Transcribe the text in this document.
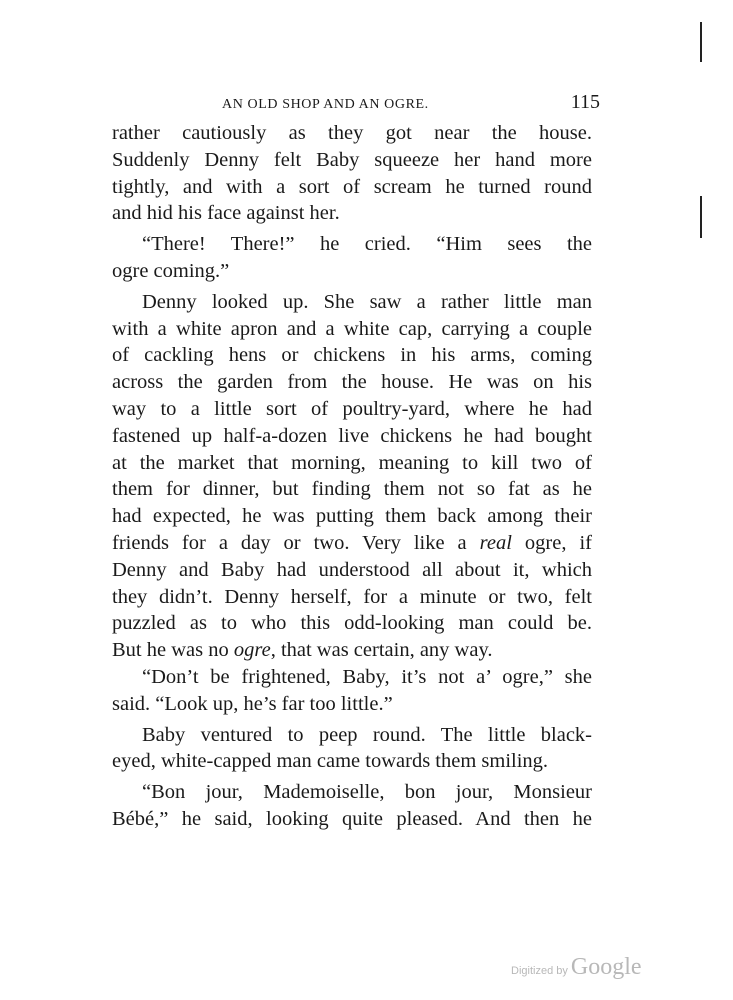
AN OLD SHOP AND AN OGRE.	115

rather cautiously as they got near the house.

Suddenly Denny felt Baby squeeze her hand more

tightly, and with a sort of scream he turned round

and hid his face against her.

“There! There!” he cried. “Him sees the

ogre coming.”

Denny looked up. She saw a rather little man

with a white apron and a white cap, carrying a couple

of cackling hens or chickens in his arms, coming

across the garden from the house. He was on his

way to a little sort of poultry-yard, where he had

fastened up half-a-dozen live chickens he had bought

at the market that morning, meaning to kill two of

them for dinner, but finding them not so fat as he

had expected, he was putting them back among their

friends for a day or two. Very like a real ogre, if

Denny and Baby had understood all about it, which

they didn’t. Denny herself, for a minute or two, felt

puzzled as to who this odd-looking man could be.

But he was no ogre, that was certain, any way.

“Don’t be frightened, Baby, it’s not a’ ogre,” she

said. “Look up, he’s far too little.”

Baby ventured to peep round. The little black-

eyed, white-capped man came towards them smiling.

“Bon jour, Mademoiselle, bon jour, Monsieur

Bébé,” he said, looking quite pleased. And then he

Digitized by Google
